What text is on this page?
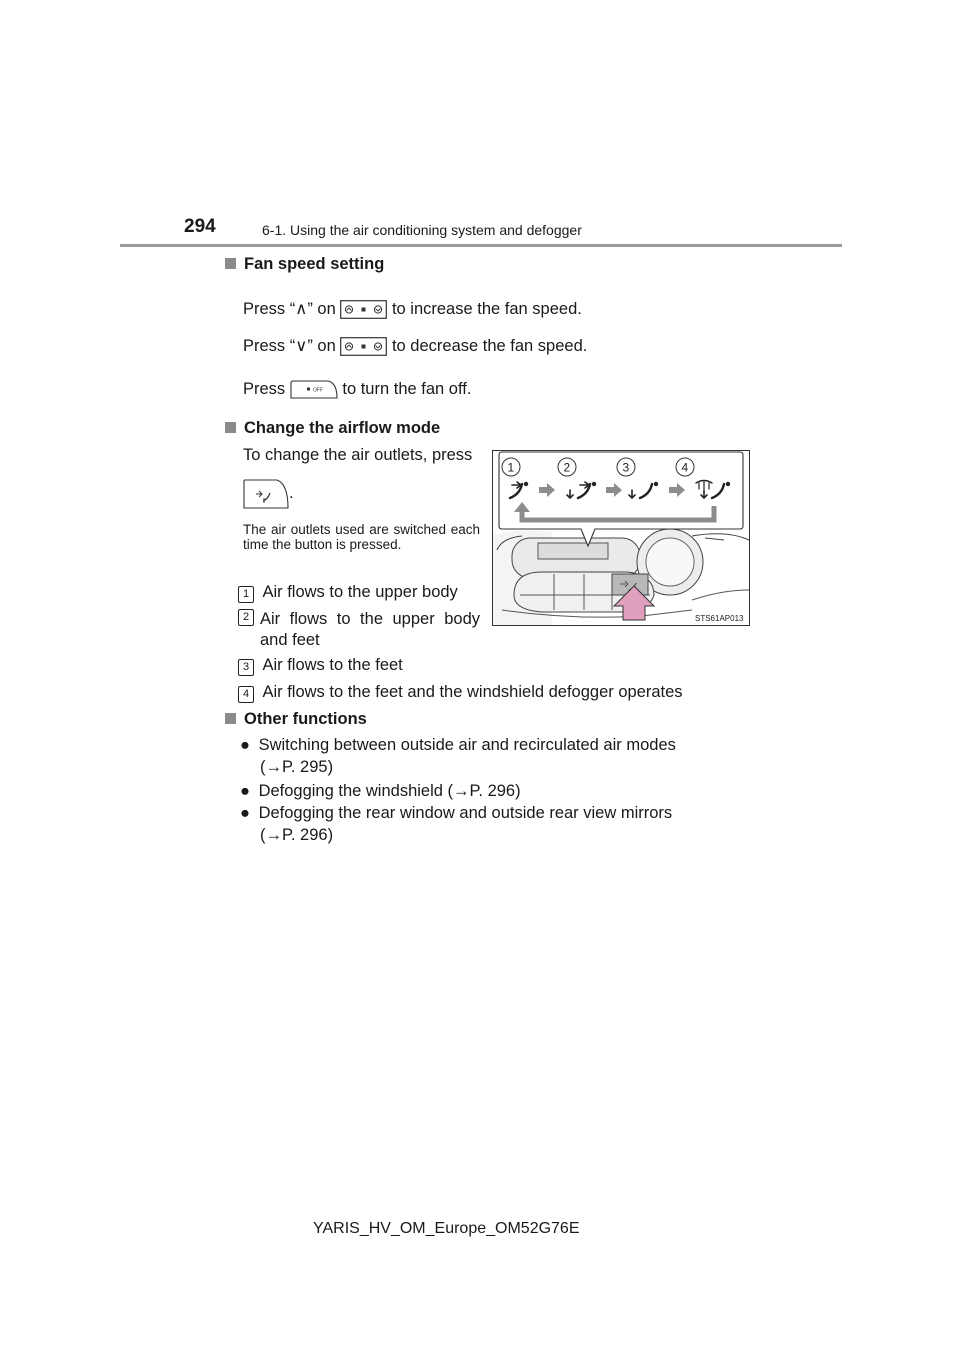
294	6-1. Using the air conditioning system and defogger
Fan speed setting
Press “∧” on	to increase the fan speed.
Press “∨” on	to decrease the fan speed.
Press	OFF to turn the fan off.
Change the airflow mode
To change the air outlets, press
.
The air outlets used are switched each time the button is pressed.
1 Air flows to the upper body
2 Air flows to the upper body and feet
3 Air flows to the feet
4 Air flows to the feet and the windshield defogger operates
1	2	3	4
STS61AP013
Other functions
● Switching between outside air and recirculated air modes
(→P. 295)
● Defogging the windshield (→P. 296)
● Defogging the rear window and outside rear view mirrors
(→P. 296)
YARIS_HV_OM_Europe_OM52G76E
